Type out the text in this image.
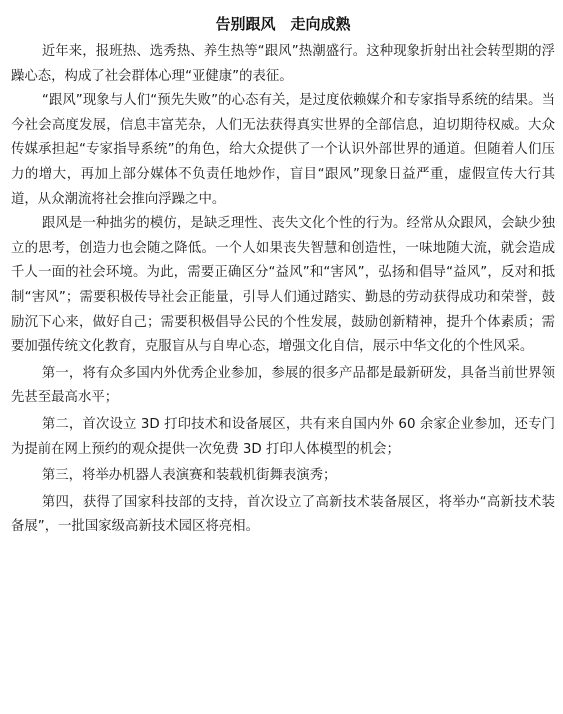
告别跟风　走向成熟

近年来，报班热、选秀热、养生热等“跟风”热潮盛行。这种现象折射出社会转型期的浮躁心态，构成了社会群体心理“亚健康”的表征。

“跟风”现象与人们“预先失败”的心态有关，是过度依赖媒介和专家指导系统的结果。当今社会高度发展，信息丰富芜杂，人们无法获得真实世界的全部信息，迫切期待权威。大众传媒承担起“专家指导系统”的角色，给大众提供了一个认识外部世界的通道。但随着人们压力的增大，再加上部分媒体不负责任地炒作，盲目“跟风”现象日益严重，虚假宣传大行其道，从众潮流将社会推向浮躁之中。

跟风是一种拙劣的模仿，是缺乏理性、丧失文化个性的行为。经常从众跟风，会缺少独立的思考，创造力也会随之降低。一个人如果丧失智慧和创造性，一味地随大流，就会造成千人一面的社会环境。为此，需要正确区分“益风”和“害风”，弘扬和倡导“益风”，反对和抵制“害风”；需要积极传导社会正能量，引导人们通过踏实、勤恳的劳动获得成功和荣誉，鼓励沉下心来，做好自己；需要积极倡导公民的个性发展，鼓励创新精神，提升个体素质；需要加强传统文化教育，克服盲从与自卑心态，增强文化自信，展示中华文化的个性风采。

第一，将有众多国内外优秀企业参加，参展的很多产品都是最新研发，具备当前世界领先甚至最高水平；

第二，首次设立 3D 打印技术和设备展区，共有来自国内外 60 余家企业参加，还专门为提前在网上预约的观众提供一次免费 3D 打印人体模型的机会；

第三，将举办机器人表演赛和装载机街舞表演秀；

第四，获得了国家科技部的支持，首次设立了高新技术装备展区，将举办“高新技术装备展”，一批国家级高新技术园区将亮相。
